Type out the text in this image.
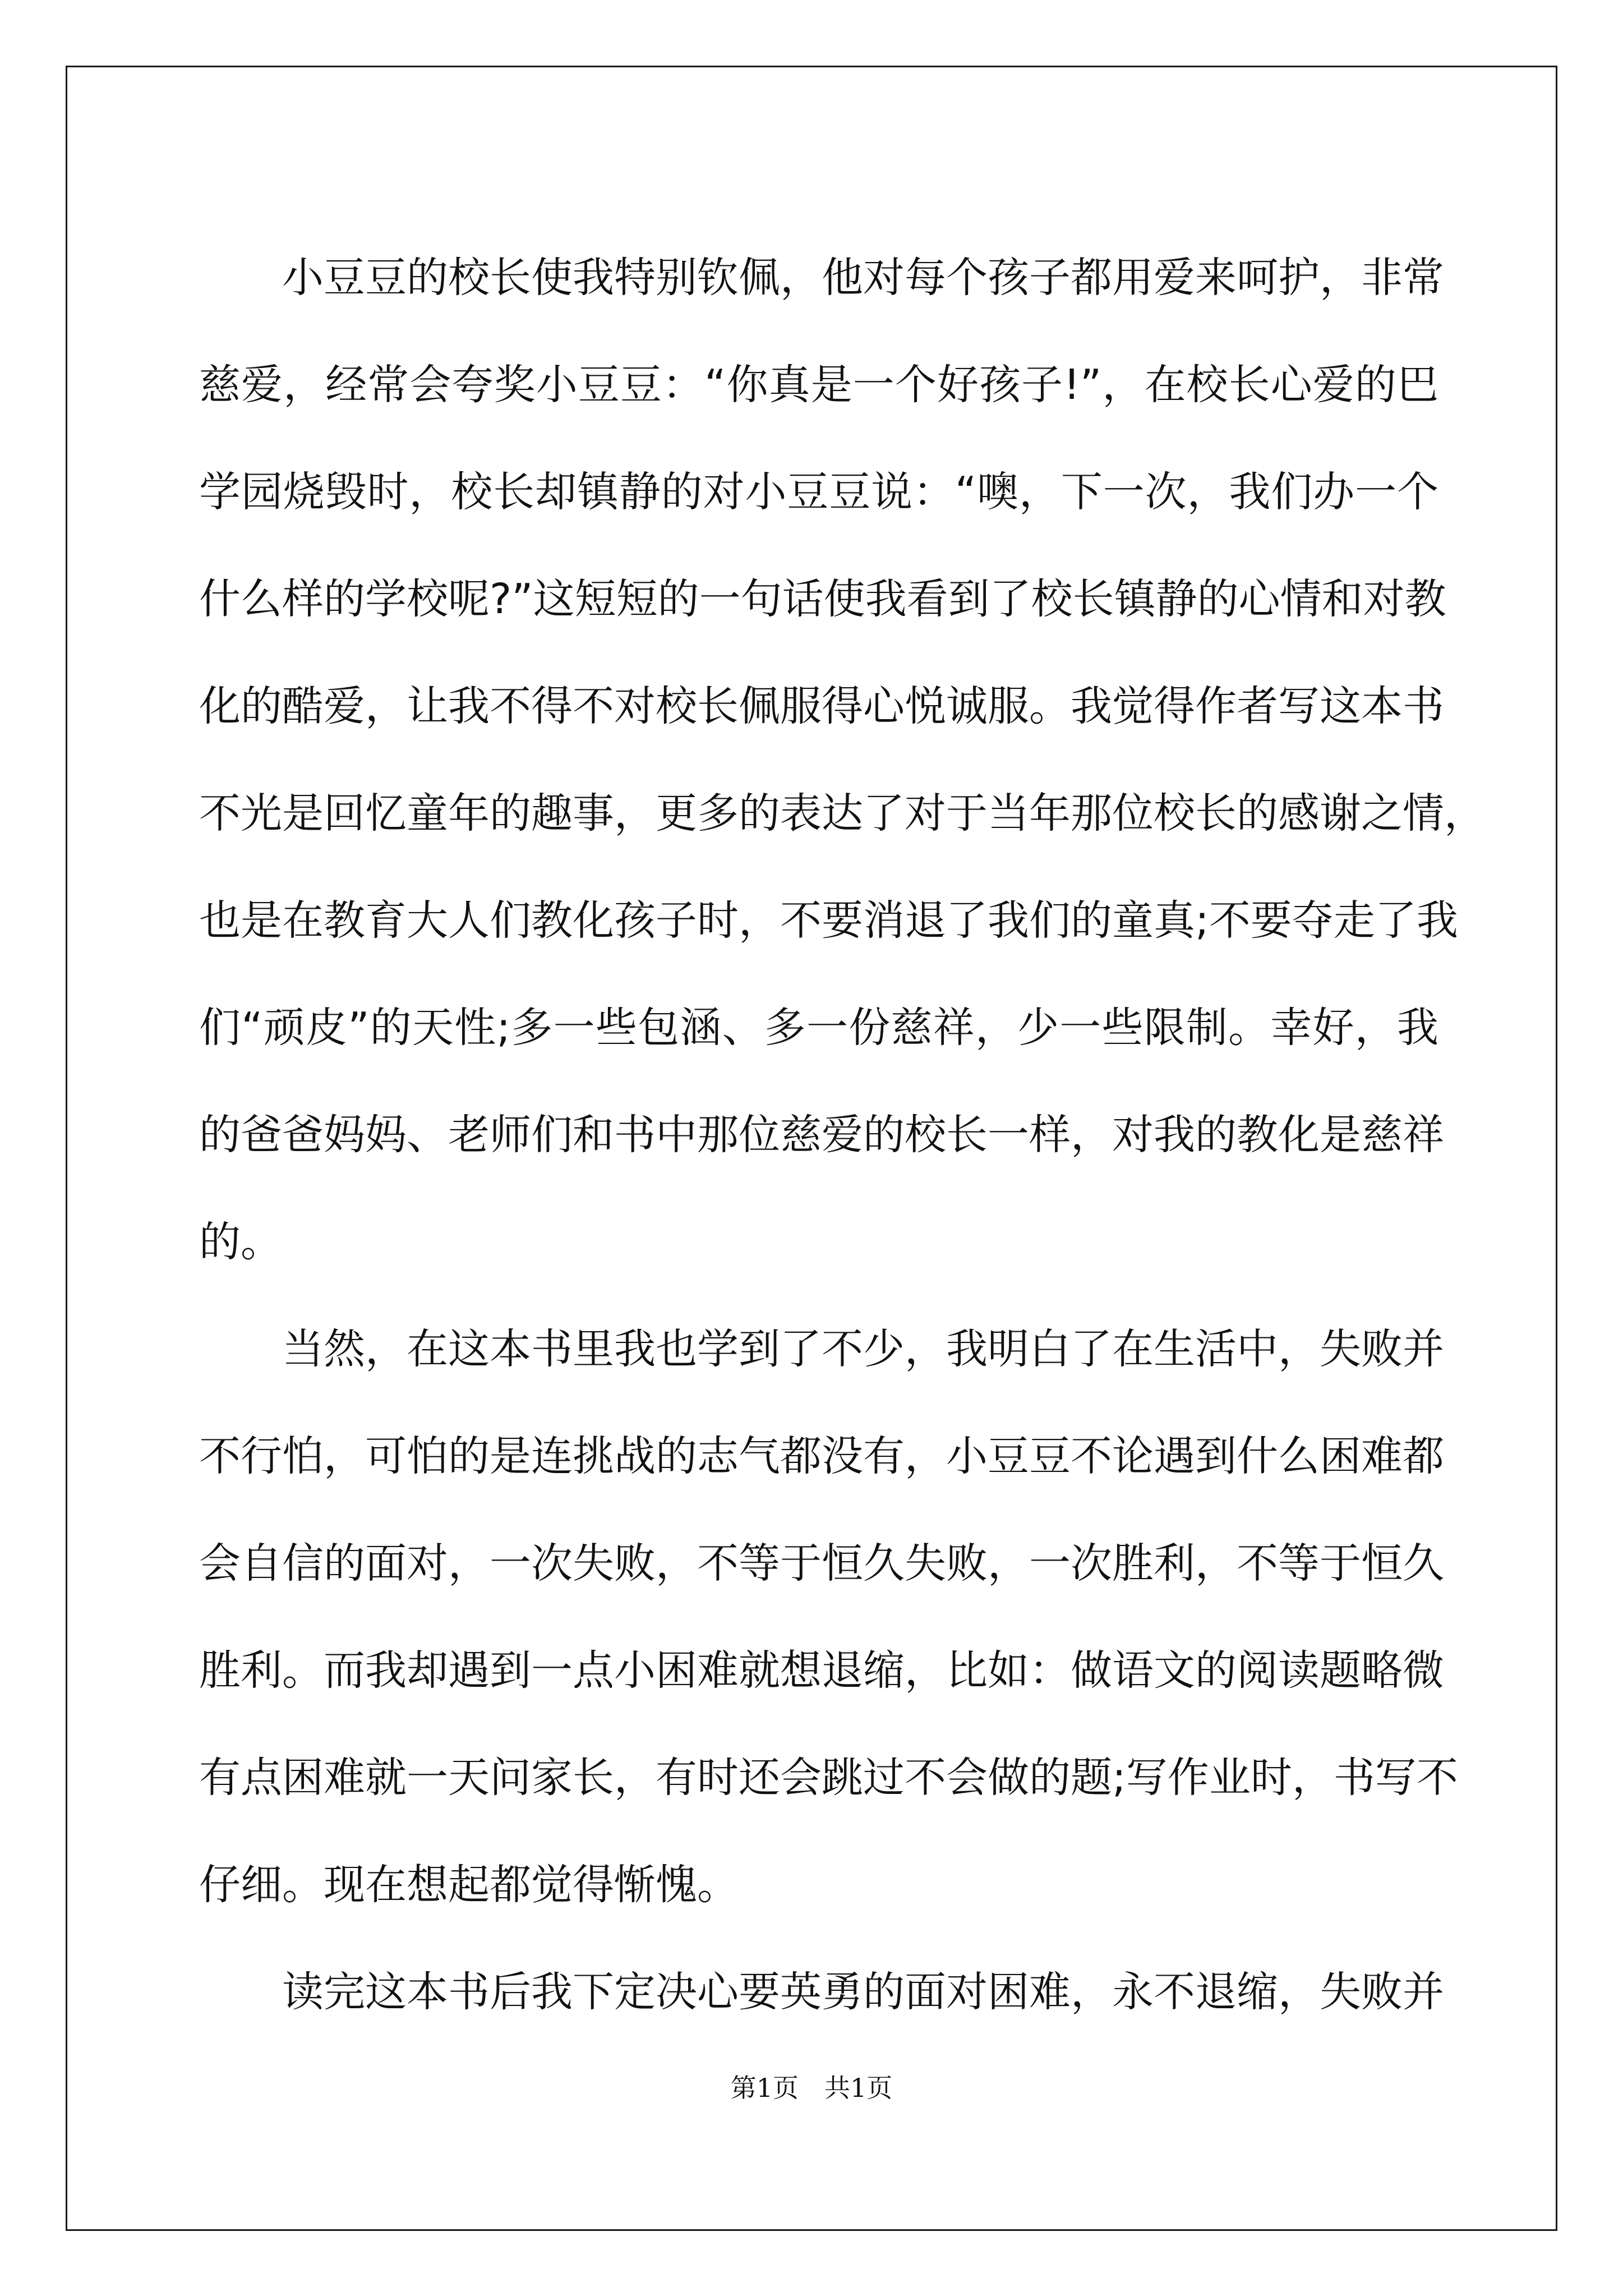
小豆豆的校长使我特别钦佩，他对每个孩子都用爱来呵护，非常
慈爱，经常会夸奖小豆豆：“你真是一个好孩子!”，在校长心爱的巴
学园烧毁时，校长却镇静的对小豆豆说：“噢，下一次，我们办一个
什么样的学校呢?”这短短的一句话使我看到了校长镇静的心情和对教
化的酷爱，让我不得不对校长佩服得心悦诚服。我觉得作者写这本书
不光是回忆童年的趣事，更多的表达了对于当年那位校长的感谢之情，
也是在教育大人们教化孩子时，不要消退了我们的童真;不要夺走了我
们“顽皮”的天性;多一些包涵、多一份慈祥，少一些限制。幸好，我
的爸爸妈妈、老师们和书中那位慈爱的校长一样，对我的教化是慈祥
的。
当然，在这本书里我也学到了不少，我明白了在生活中，失败并
不行怕，可怕的是连挑战的志气都没有，小豆豆不论遇到什么困难都
会自信的面对，一次失败，不等于恒久失败，一次胜利，不等于恒久
胜利。而我却遇到一点小困难就想退缩，比如：做语文的阅读题略微
有点困难就一天问家长，有时还会跳过不会做的题;写作业时，书写不
仔细。现在想起都觉得惭愧。
读完这本书后我下定决心要英勇的面对困难，永不退缩，失败并
第1页　共1页
